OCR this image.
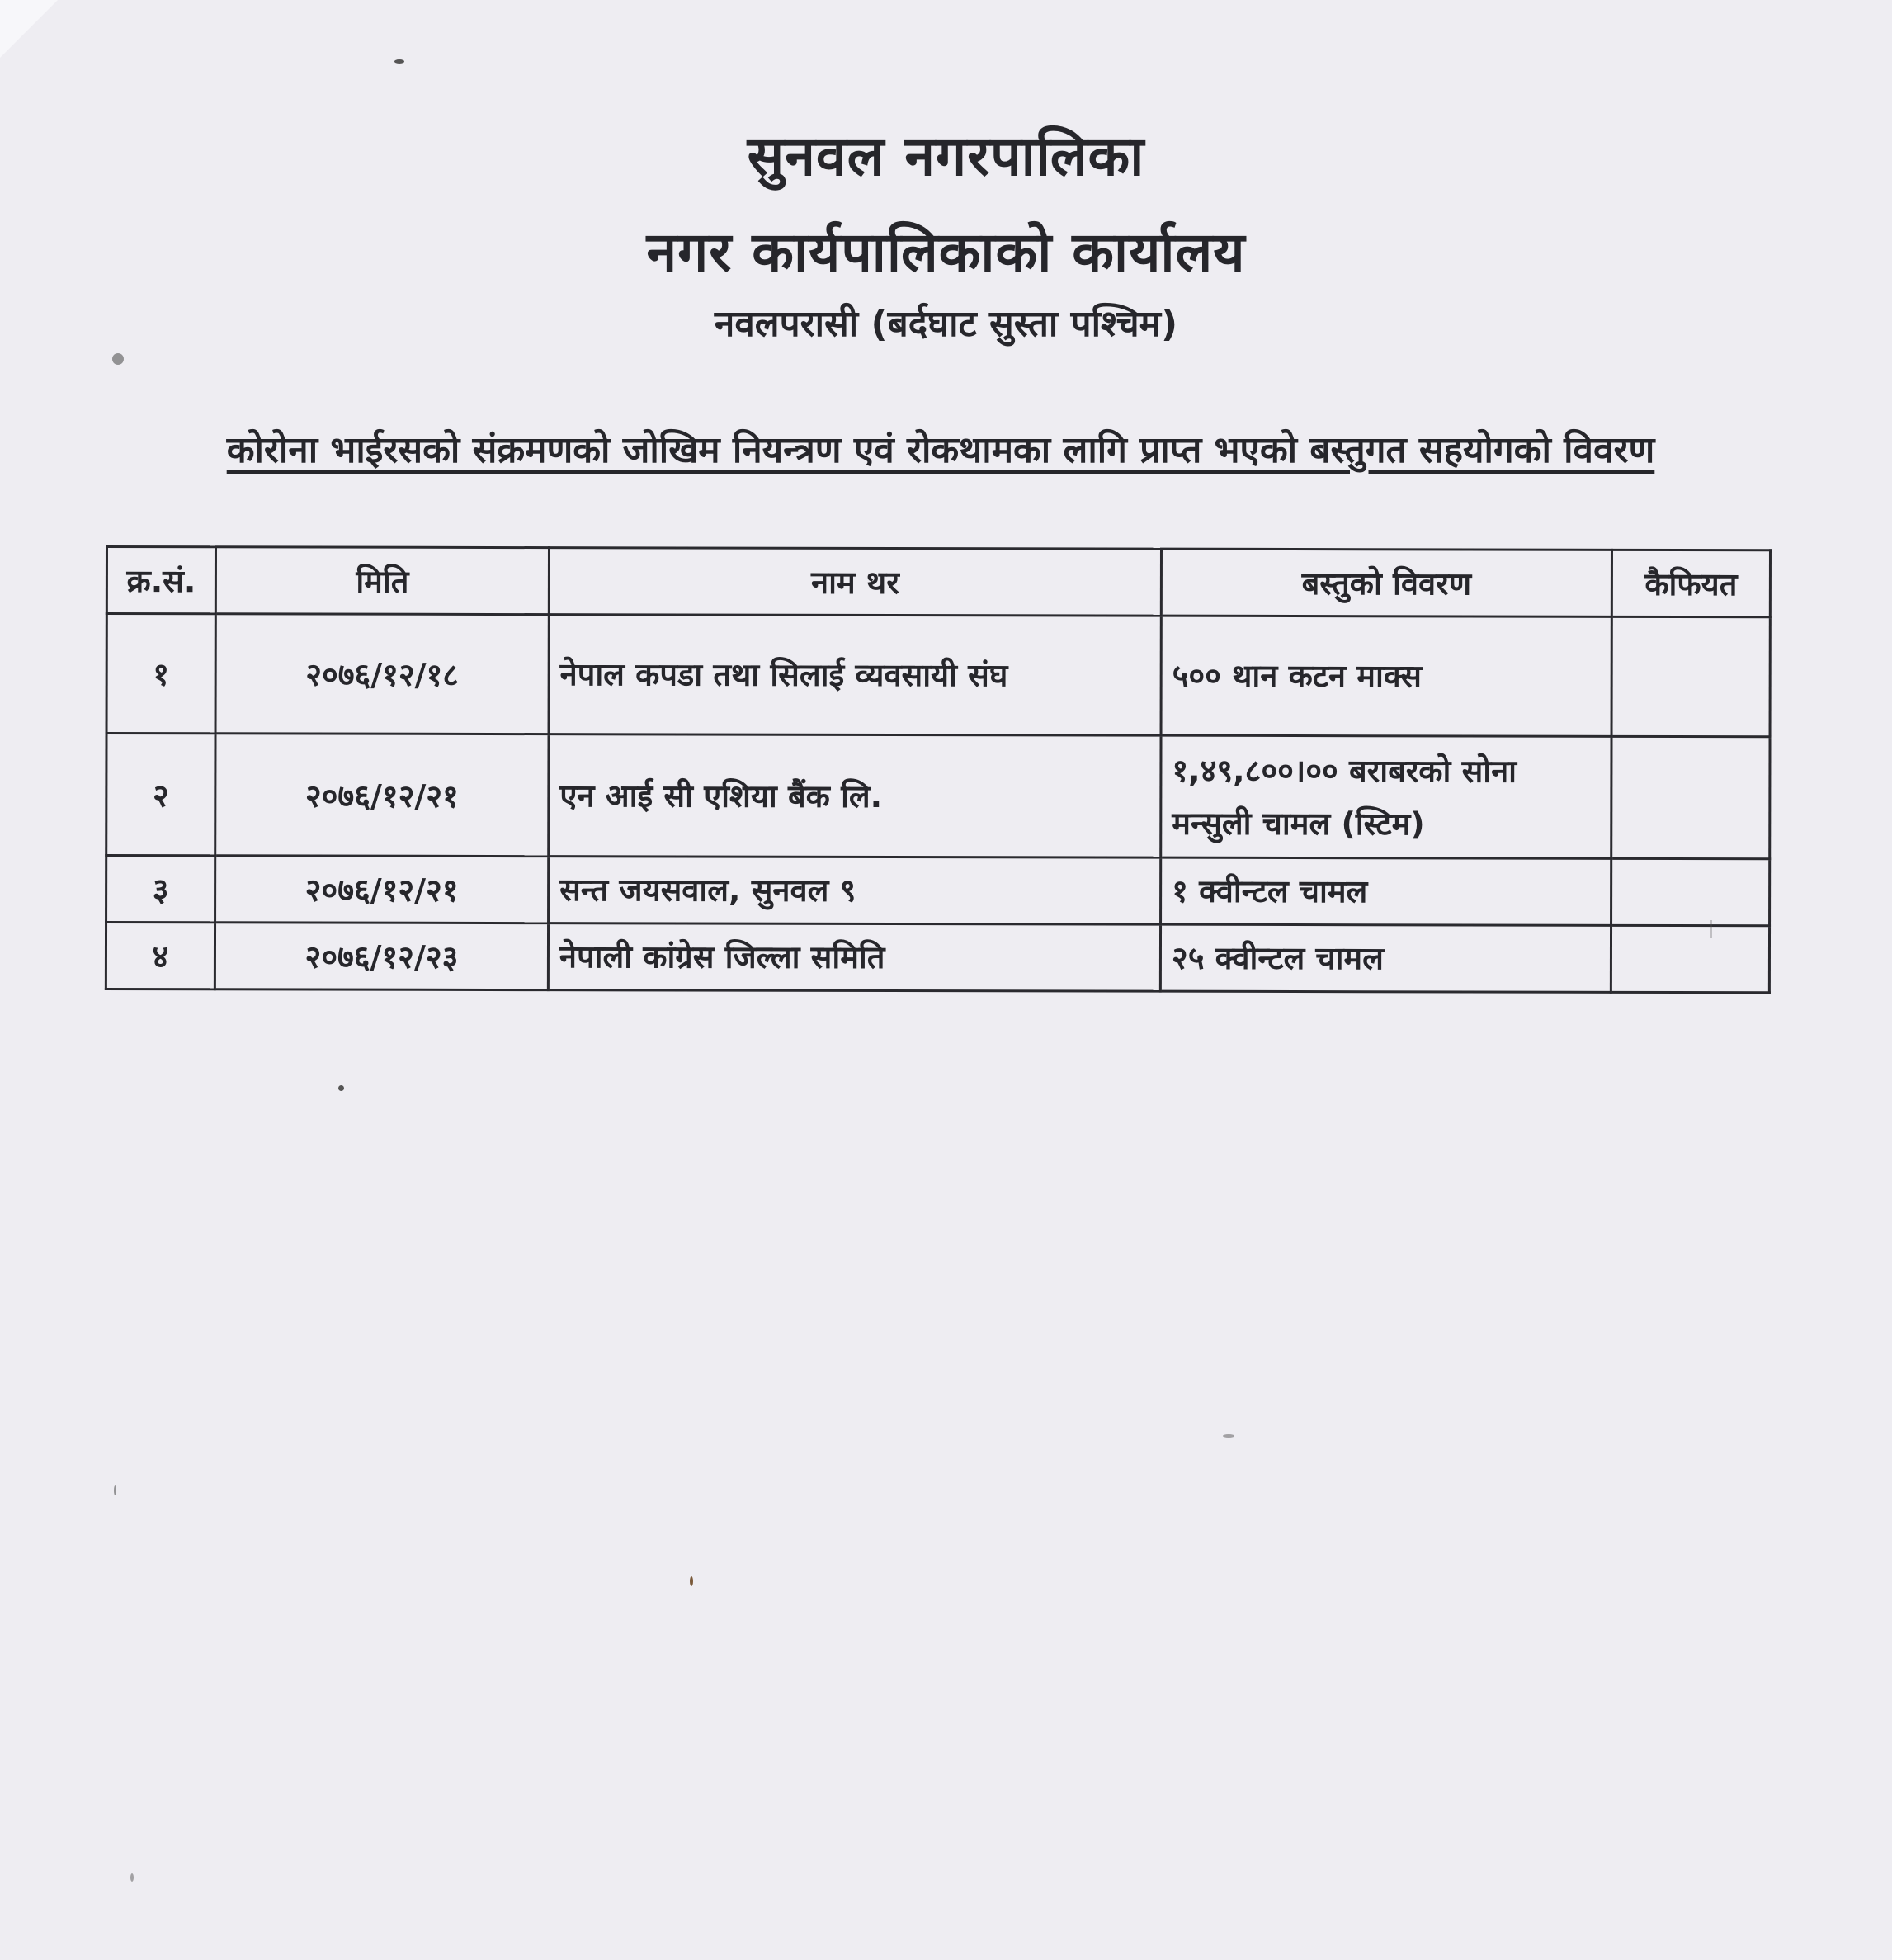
सुनवल नगरपालिका
नगर कार्यपालिकाको कार्यालय
नवलपरासी (बर्दघाट सुस्ता पश्चिम)
कोरोना भाईरसको संक्रमणको जोखिम नियन्त्रण एवं रोकथामका लागि प्राप्त भएको बस्तुगत सहयोगको विवरण
क्र.सं.	मिति	नाम थर	बस्तुको विवरण	कैफियत
१	२०७६/१२/१८	नेपाल कपडा तथा सिलाई व्यवसायी संघ	५०० थान कटन माक्स	
२	२०७६/१२/२१	एन आई सी एशिया बैंक लि.	१,४९,८००।०० बराबरको सोना मन्सुली चामल (स्टिम)	
३	२०७६/१२/२१	सन्त जयसवाल, सुनवल ९	१ क्वीन्टल चामल	
४	२०७६/१२/२३	नेपाली कांग्रेस जिल्ला समिति	२५ क्वीन्टल चामल	
